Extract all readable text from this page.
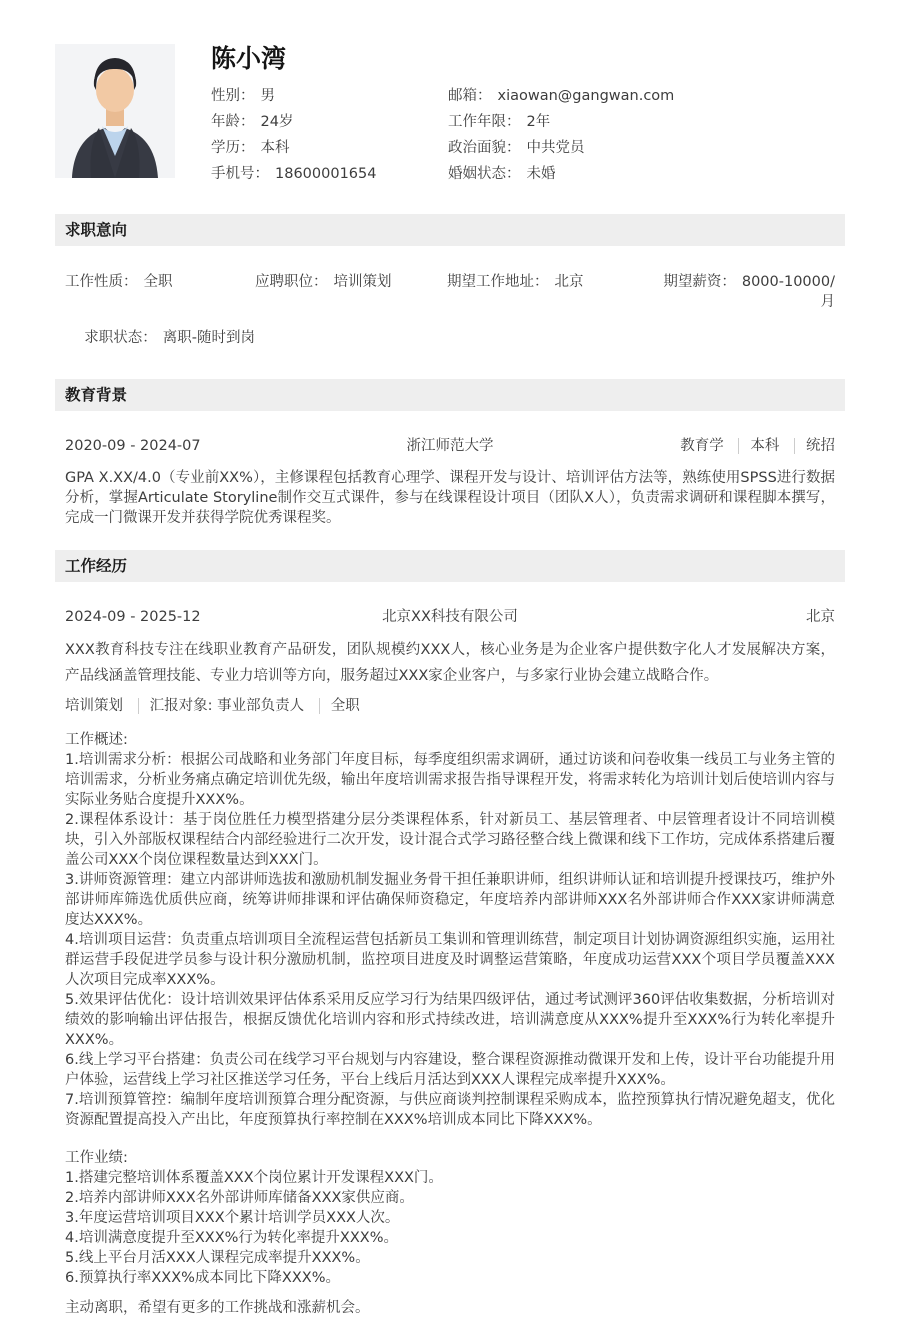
陈小湾
性别： 男	邮箱： xiaowan@gangwan.com
年龄： 24岁	工作年限： 2年
学历： 本科	政治面貌： 中共党员
手机号： 18600001654	婚姻状态： 未婚
求职意向
工作性质： 全职	应聘职位： 培训策划	期望工作地址： 北京	期望薪资： 8000-10000/月
求职状态： 离职-随时到岗
教育背景
2020-09 - 2024-07	浙江师范大学	教育学 本科 统招

GPA X.XX/4.0（专业前XX%），主修课程包括教育心理学、课程开发与设计、培训评估方法等，熟练使用SPSS进行数据分析，掌握Articulate Storyline制作交互式课件，参与在线课程设计项目（团队X人），负责需求调研和课程脚本撰写，完成一门微课开发并获得学院优秀课程奖。

工作经历
2024-09 - 2025-12	北京XX科技有限公司	北京

XXX教育科技专注在线职业教育产品研发，团队规模约XXX人，核心业务是为企业客户提供数字化人才发展解决方案，产品线涵盖管理技能、专业力培训等方向，服务超过XXX家企业客户，与多家行业协会建立战略合作。

培训策划 汇报对象: 事业部负责人 全职

工作概述:

1.培训需求分析：根据公司战略和业务部门年度目标，每季度组织需求调研，通过访谈和问卷收集一线员工与业务主管的培训需求，分析业务痛点确定培训优先级，输出年度培训需求报告指导课程开发，将需求转化为培训计划后使培训内容与实际业务贴合度提升XXX%。

2.课程体系设计：基于岗位胜任力模型搭建分层分类课程体系，针对新员工、基层管理者、中层管理者设计不同培训模块，引入外部版权课程结合内部经验进行二次开发，设计混合式学习路径整合线上微课和线下工作坊，完成体系搭建后覆盖公司XXX个岗位课程数量达到XXX门。

3.讲师资源管理：建立内部讲师选拔和激励机制发掘业务骨干担任兼职讲师，组织讲师认证和培训提升授课技巧，维护外部讲师库筛选优质供应商，统筹讲师排课和评估确保师资稳定，年度培养内部讲师XXX名外部讲师合作XXX家讲师满意度达XXX%。

4.培训项目运营：负责重点培训项目全流程运营包括新员工集训和管理训练营，制定项目计划协调资源组织实施，运用社群运营手段促进学员参与设计积分激励机制，监控项目进度及时调整运营策略，年度成功运营XXX个项目学员覆盖XXX人次项目完成率XXX%。

5.效果评估优化：设计培训效果评估体系采用反应学习行为结果四级评估，通过考试测评360评估收集数据，分析培训对绩效的影响输出评估报告，根据反馈优化培训内容和形式持续改进，培训满意度从XXX%提升至XXX%行为转化率提升XXX%。

6.线上学习平台搭建：负责公司在线学习平台规划与内容建设，整合课程资源推动微课开发和上传，设计平台功能提升用户体验，运营线上学习社区推送学习任务，平台上线后月活达到XXX人课程完成率提升XXX%。

7.培训预算管控：编制年度培训预算合理分配资源，与供应商谈判控制课程采购成本，监控预算执行情况避免超支，优化资源配置提高投入产出比，年度预算执行率控制在XXX%培训成本同比下降XXX%。

工作业绩:

1.搭建完整培训体系覆盖XXX个岗位累计开发课程XXX门。

2.培养内部讲师XXX名外部讲师库储备XXX家供应商。

3.年度运营培训项目XXX个累计培训学员XXX人次。

4.培训满意度提升至XXX%行为转化率提升XXX%。

5.线上平台月活XXX人课程完成率提升XXX%。

6.预算执行率XXX%成本同比下降XXX%。

主动离职，希望有更多的工作挑战和涨薪机会。
